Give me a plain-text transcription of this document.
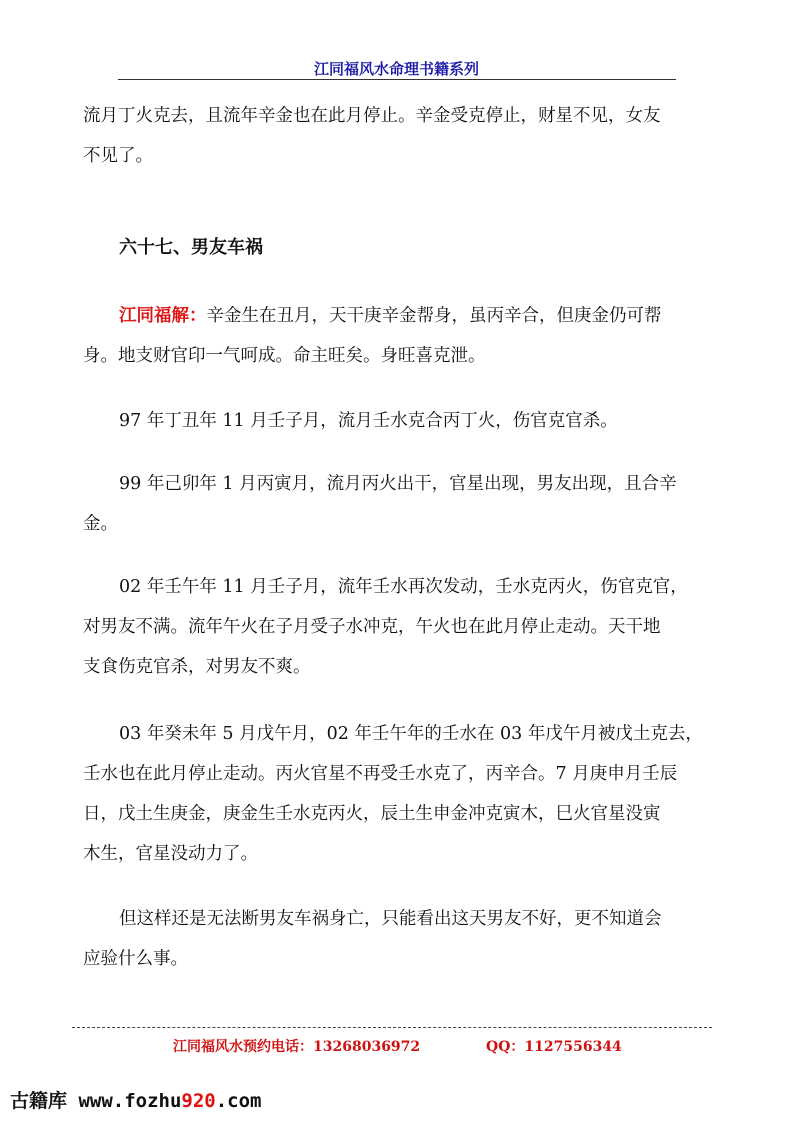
江同福风水命理书籍系列
流月丁火克去，且流年辛金也在此月停止。辛金受克停止，财星不见，女友
不见了。
六十七、男友车祸
江同福解：辛金生在丑月，天干庚辛金帮身，虽丙辛合，但庚金仍可帮
身。地支财官印一气呵成。命主旺矣。身旺喜克泄。
97 年丁丑年 11 月壬子月，流月壬水克合丙丁火，伤官克官杀。
99 年己卯年 1 月丙寅月，流月丙火出干，官星出现，男友出现，且合辛
金。
02 年壬午年 11 月壬子月，流年壬水再次发动，壬水克丙火，伤官克官，
对男友不满。流年午火在子月受子水冲克，午火也在此月停止走动。天干地
支食伤克官杀，对男友不爽。
03 年癸未年 5 月戊午月，02 年壬午年的壬水在 03 年戊午月被戊土克去，
壬水也在此月停止走动。丙火官星不再受壬水克了，丙辛合。7 月庚申月壬辰
日，戊土生庚金，庚金生壬水克丙火，辰土生申金冲克寅木，巳火官星没寅
木生，官星没动力了。
但这样还是无法断男友车祸身亡，只能看出这天男友不好，更不知道会
应验什么事。
江同福风水预约电话：13268036972	QQ：1127556344
古籍库 www.fozhu920.com
